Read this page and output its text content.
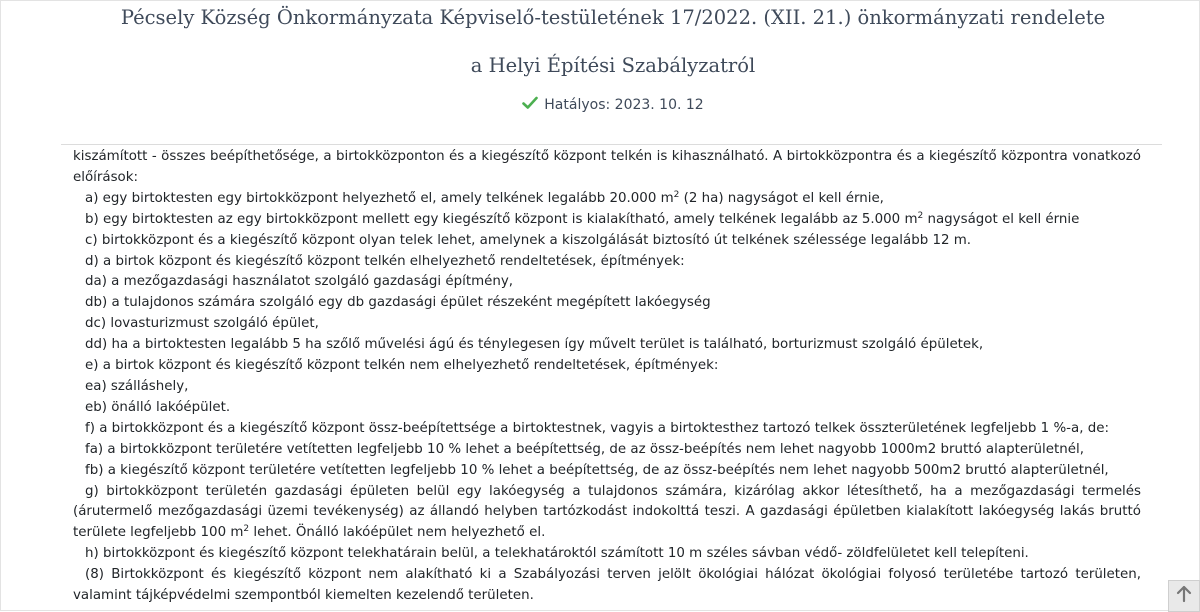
Pécsely Község Önkormányzata Képviselő-testületének 17/2022. (XII. 21.) önkormányzati rendelete
a Helyi Építési Szabályzatról
Hatályos: 2023. 10. 12

kiszámított - összes beépíthetősége, a birtokközponton és a kiegészítő központ telkén is kihasználható. A birtokközpontra és a kiegészítő központra vonatkozó előírások:

a) egy birtoktesten egy birtokközpont helyezhető el, amely telkének legalább 20.000 $m^2$ (2 ha) nagyságot el kell érnie,

b) egy birtoktesten az egy birtokközpont mellett egy kiegészítő központ is kialakítható, amely telkének legalább az 5.000 $m^2$ nagyságot el kell érnie

c) birtokközpont és a kiegészítő központ olyan telek lehet, amelynek a kiszolgálását biztosító út telkének szélessége legalább 12 m.

d) a birtok központ és kiegészítő központ telkén elhelyezhető rendeltetések, építmények:

da) a mezőgazdasági használatot szolgáló gazdasági építmény,

db) a tulajdonos számára szolgáló egy db gazdasági épület részeként megépített lakóegység

dc) lovasturizmust szolgáló épület,

dd) ha a birtoktesten legalább 5 ha szőlő művelési ágú és ténylegesen így művelt terület is található, borturizmust szolgáló épületek,

e) a birtok központ és kiegészítő központ telkén nem elhelyezhető rendeltetések, építmények:

ea) szálláshely,

eb) önálló lakóépület.

f) a birtokközpont és a kiegészítő központ össz-beépítettsége a birtoktestnek, vagyis a birtoktesthez tartozó telkek összterületének legfeljebb 1 %-a, de:

fa) a birtokközpont területére vetítetten legfeljebb 10 % lehet a beépítettség, de az össz-beépítés nem lehet nagyobb 1000m2 bruttó alapterületnél,

fb) a kiegészítő központ területére vetítetten legfeljebb 10 % lehet a beépítettség, de az össz-beépítés nem lehet nagyobb 500m2 bruttó alapterületnél,

g) birtokközpont területén gazdasági épületen belül egy lakóegység a tulajdonos számára, kizárólag akkor létesíthető, ha a mezőgazdasági termelés (árutermelő mezőgazdasági üzemi tevékenység) az állandó helyben tartózkodást indokolttá teszi. A gazdasági épületben kialakított lakóegység lakás bruttó területe legfeljebb 100 $m^2$ lehet. Önálló lakóépület nem helyezhető el.

h) birtokközpont és kiegészítő központ telekhatárain belül, a telekhatároktól számított 10 m széles sávban védő- zöldfelületet kell telepíteni.

(8) Birtokközpont és kiegészítő központ nem alakítható ki a Szabályozási terven jelölt ökológiai hálózat ökológiai folyosó területébe tartozó területen, valamint tájképvédelmi szempontból kiemelten kezelendő területen.
